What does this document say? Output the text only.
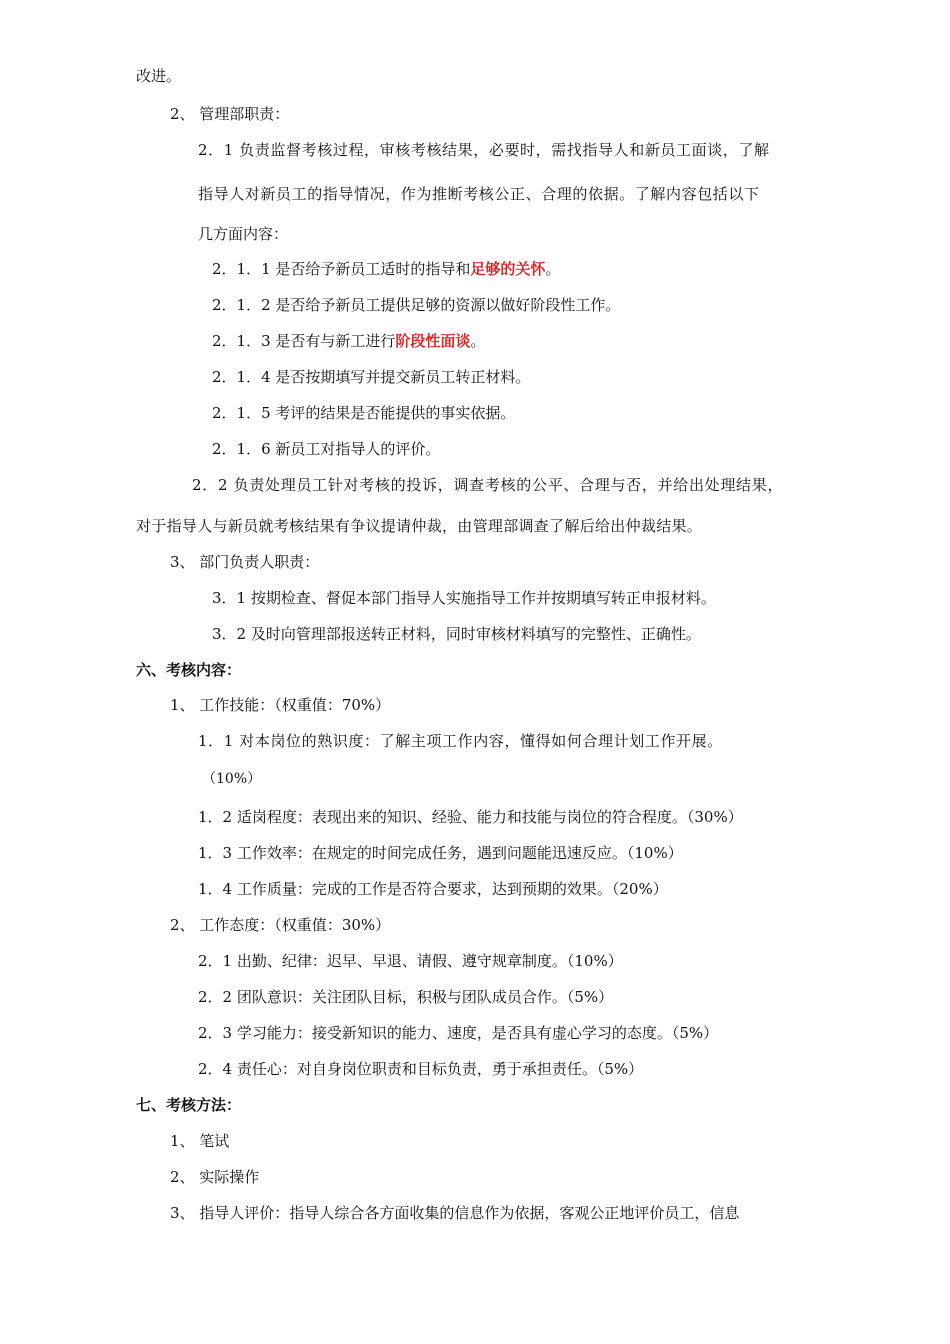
改进。
2、 管理部职责：
2．1 负责监督考核过程，审核考核结果，必要时，需找指导人和新员工面谈，了解
指导人对新员工的指导情况，作为推断考核公正、合理的依据。了解内容包括以下
几方面内容：
2．1．1 是否给予新员工适时的指导和足够的关怀。
2．1．2 是否给予新员工提供足够的资源以做好阶段性工作。
2．1．3 是否有与新工进行阶段性面谈。
2．1．4 是否按期填写并提交新员工转正材料。
2．1．5 考评的结果是否能提供的事实依据。
2．1．6 新员工对指导人的评价。
2．2 负责处理员工针对考核的投诉，调查考核的公平、合理与否，并给出处理结果，
对于指导人与新员就考核结果有争议提请仲裁，由管理部调查了解后给出仲裁结果。
3、 部门负责人职责：
3．1 按期检查、督促本部门指导人实施指导工作并按期填写转正申报材料。
3．2 及时向管理部报送转正材料，同时审核材料填写的完整性、正确性。
六、考核内容：
1、 工作技能：（权重值：70%）
1．1 对本岗位的熟识度：了解主项工作内容，懂得如何合理计划工作开展。
（10%）
1．2 适岗程度：表现出来的知识、经验、能力和技能与岗位的符合程度。（30%）
1．3 工作效率：在规定的时间完成任务，遇到问题能迅速反应。（10%）
1．4 工作质量：完成的工作是否符合要求，达到预期的效果。（20%）
2、 工作态度：（权重值：30%）
2．1 出勤、纪律：迟早、早退、请假、遵守规章制度。（10%）
2．2 团队意识：关注团队目标，积极与团队成员合作。（5%）
2．3 学习能力：接受新知识的能力、速度，是否具有虚心学习的态度。（5%）
2．4 责任心：对自身岗位职责和目标负责，勇于承担责任。（5%）
七、考核方法：
1、 笔试
2、 实际操作
3、 指导人评价：指导人综合各方面收集的信息作为依据，客观公正地评价员工，信息
